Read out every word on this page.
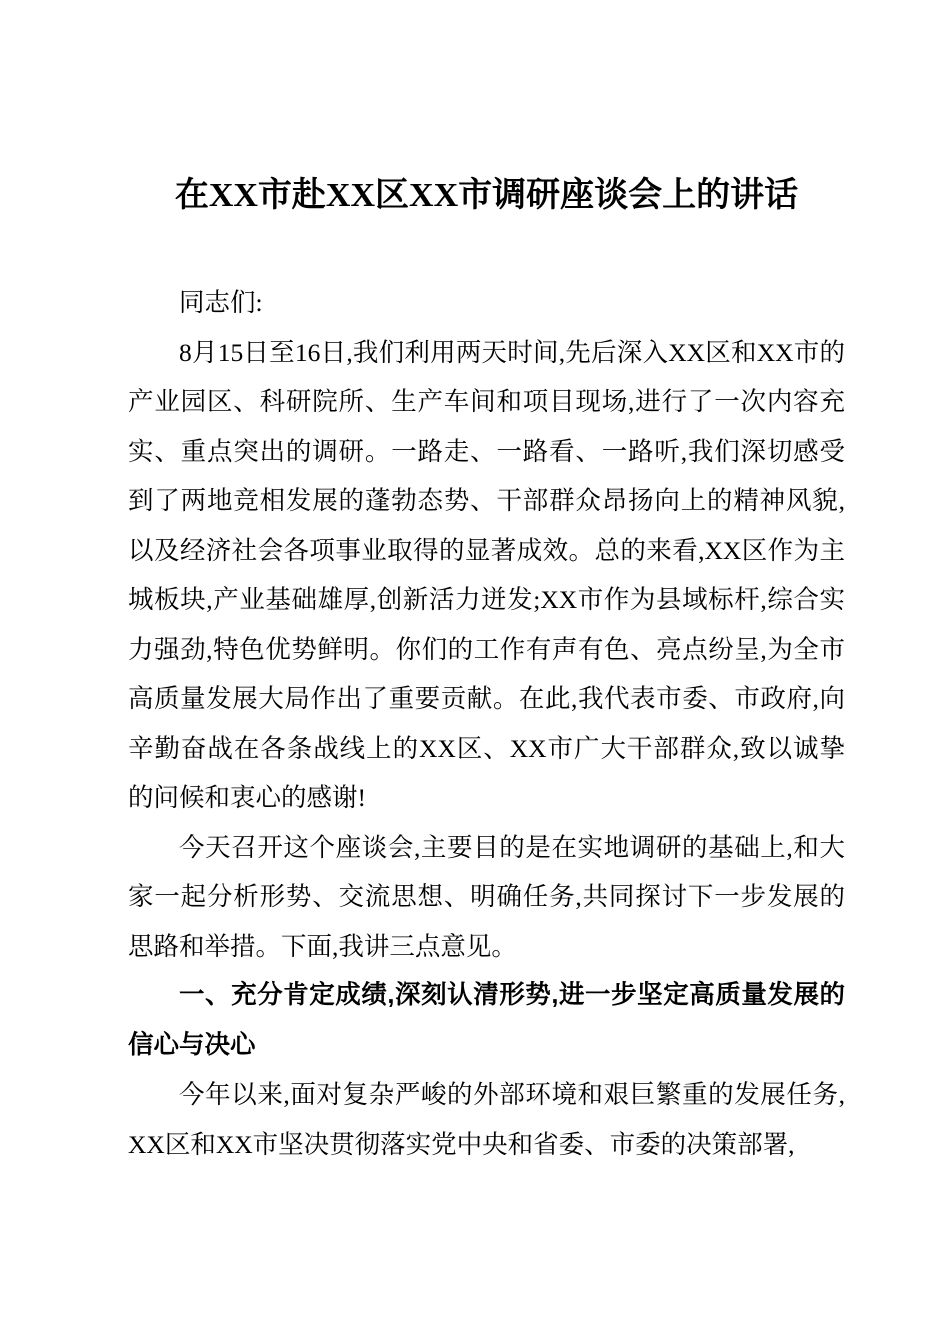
在XX市赴XX区XX市调研座谈会上的讲话

同志们:

8月15日至16日,我们利用两天时间,先后深入XX区和XX市的产业园区、科研院所、生产车间和项目现场,进行了一次内容充实、重点突出的调研。一路走、一路看、一路听,我们深切感受到了两地竞相发展的蓬勃态势、干部群众昂扬向上的精神风貌,以及经济社会各项事业取得的显著成效。总的来看,XX区作为主城板块,产业基础雄厚,创新活力迸发;XX市作为县域标杆,综合实力强劲,特色优势鲜明。你们的工作有声有色、亮点纷呈,为全市高质量发展大局作出了重要贡献。在此,我代表市委、市政府,向辛勤奋战在各条战线上的XX区、XX市广大干部群众,致以诚挚的问候和衷心的感谢!

今天召开这个座谈会,主要目的是在实地调研的基础上,和大家一起分析形势、交流思想、明确任务,共同探讨下一步发展的思路和举措。下面,我讲三点意见。

一、充分肯定成绩,深刻认清形势,进一步坚定高质量发展的信心与决心

今年以来,面对复杂严峻的外部环境和艰巨繁重的发展任务,XX区和XX市坚决贯彻落实党中央和省委、市委的决策部署,
